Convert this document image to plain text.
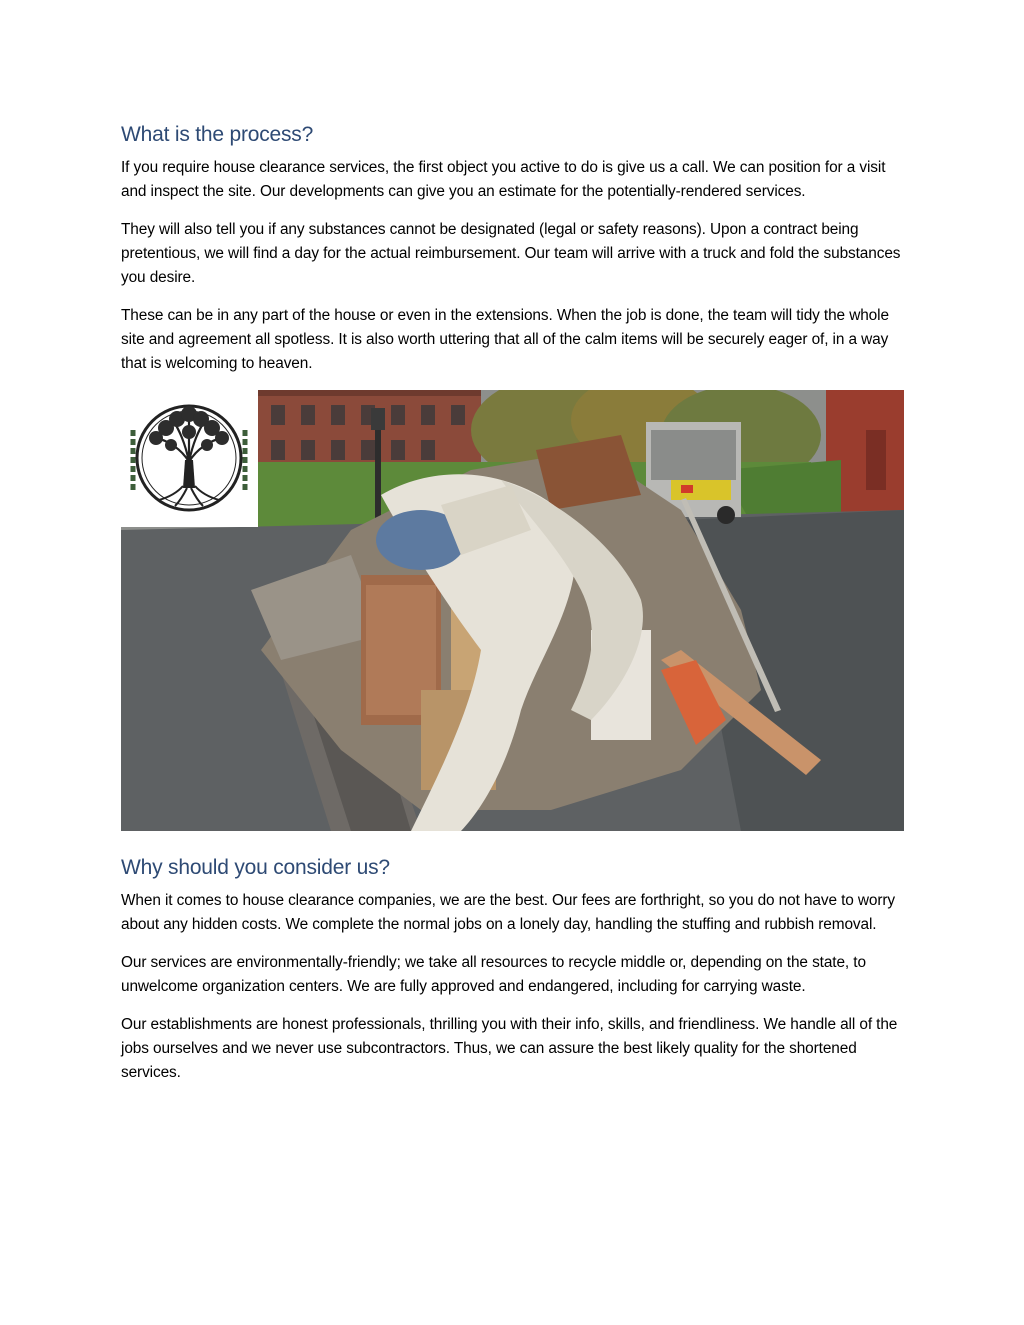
What is the process?

If you require house clearance services, the first object you active to do is give us a call. We can position for a visit and inspect the site. Our developments can give you an estimate for the potentially-rendered services.

They will also tell you if any substances cannot be designated (legal or safety reasons). Upon a contract being pretentious, we will find a day for the actual reimbursement. Our team will arrive with a truck and fold the substances you desire.

These can be in any part of the house or even in the extensions. When the job is done, the team will tidy the whole site and agreement all spotless. It is also worth uttering that all of the calm items will be securely eager of, in a way that is welcoming to heaven.

Why should you consider us?

When it comes to house clearance companies, we are the best. Our fees are forthright, so you do not have to worry about any hidden costs. We complete the normal jobs on a lonely day, handling the stuffing and rubbish removal.

Our services are environmentally-friendly; we take all resources to recycle middle or, depending on the state, to unwelcome organization centers. We are fully approved and endangered, including for carrying waste.

Our establishments are honest professionals, thrilling you with their info, skills, and friendliness. We handle all of the jobs ourselves and we never use subcontractors. Thus, we can assure the best likely quality for the shortened services.
